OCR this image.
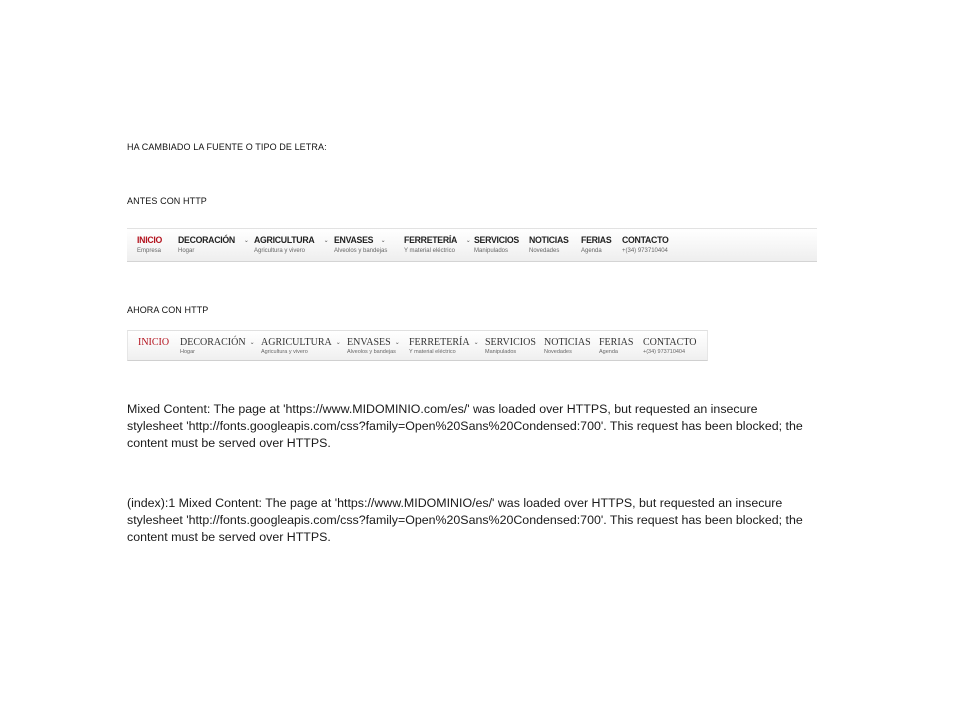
HA CAMBIADO LA FUENTE O TIPO DE LETRA:
ANTES CON HTTP
INICIO
Empresa
DECORACIÓN ⌄
Hogar
AGRICULTURA ⌄
Agricultura y vivero
ENVASES ⌄
Alveolos y bandejas
FERRETERÍA ⌄
Y material eléctrico
SERVICIOS
Manipulados
NOTICIAS
Novedades
FERIAS
Agenda
CONTACTO
+(34) 973710404
AHORA CON HTTP
INICIO DECORACIÓN ⌄
Hogar
AGRICULTURA ⌄
Agricultura y vivero
ENVASES ⌄
Alveolos y bandejas
FERRETERÍA ⌄
Y material eléctrico
SERVICIOS
Manipulados
NOTICIAS
Novedades
FERIAS
Agenda
CONTACTO
+(34) 973710404
Mixed Content: The page at 'https://www.MIDOMINIO.com/es/' was loaded over HTTPS, but requested an insecure
stylesheet 'http://fonts.googleapis.com/css?family=Open%20Sans%20Condensed:700'. This request has been blocked; the
content must be served over HTTPS.
(index):1 Mixed Content: The page at 'https://www.MIDOMINIO/es/' was loaded over HTTPS, but requested an insecure
stylesheet 'http://fonts.googleapis.com/css?family=Open%20Sans%20Condensed:700'. This request has been blocked; the
content must be served over HTTPS.
